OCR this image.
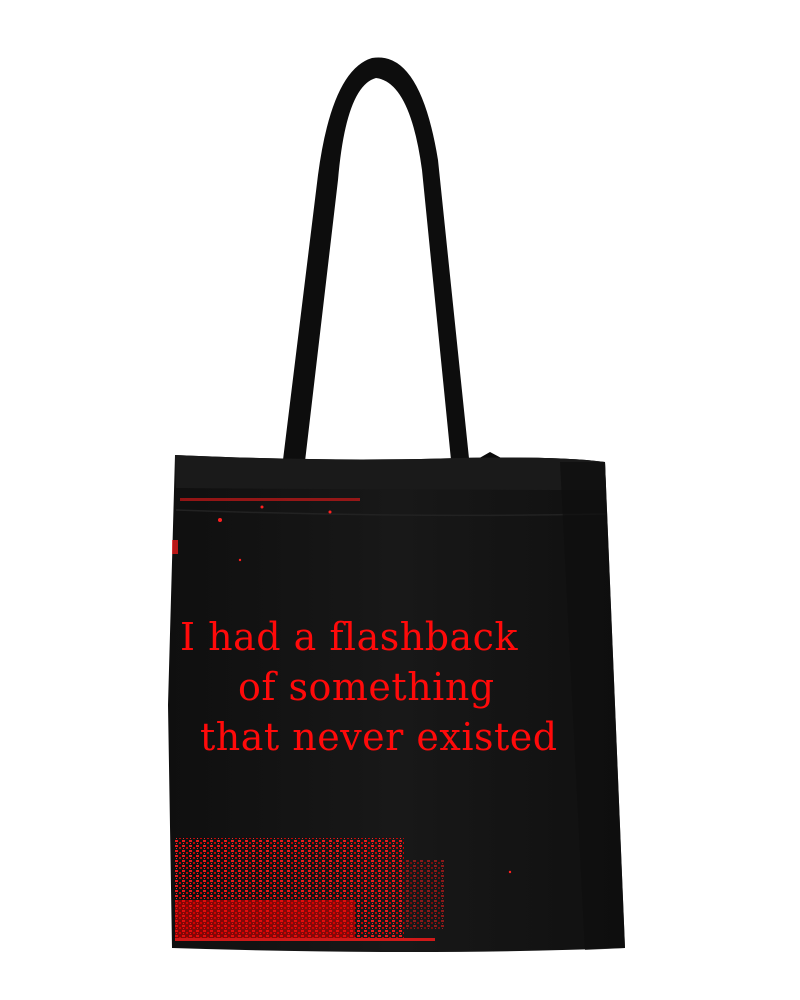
I had a flashback
of something
that never existed
